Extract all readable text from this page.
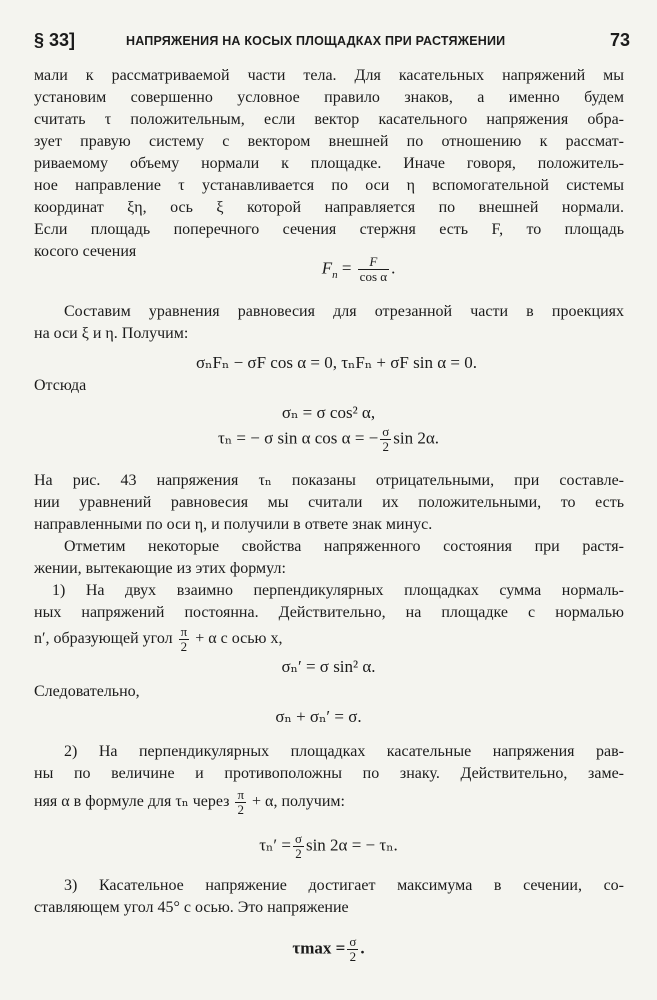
§ 33]	НАПРЯЖЕНИЯ НА КОСЫХ ПЛОЩАДКАХ ПРИ РАСТЯЖЕНИИ	73
мали к рассматриваемой части тела. Для касательных напряжений мы
установим совершенно условное правило знаков, а именно будем
считать τ положительным, если вектор касательного напряжения обра-
зует правую систему с вектором внешней по отношению к рассмат-
риваемому объему нормали к площадке. Иначе говоря, положитель-
ное направление τ устанавливается по оси η вспомогательной системы
координат ξη, ось ξ которой направляется по внешней нормали.
Если площадь поперечного сечения стержня есть F, то площадь
косого сечения
$F_n = \frac{F}{\text{cos α}}$ .
Составим уравнения равновесия для отрезанной части в проекциях
на оси ξ и η. Получим:
σₙFₙ − σF cos α = 0, τₙFₙ + σF sin α = 0.
Отсюда
σₙ = σ cos² α,
τₙ = − σ sin α cos α = − $\frac{\sigma}{2}$ sin 2α.
На рис. 43 напряжения τₙ показаны отрицательными, при составле-
нии уравнений равновесия мы считали их положительными, то есть
направленными по оси η, и получили в ответе знак минус.
Отметим некоторые свойства напряженного состояния при растя-
жении, вытекающие из этих формул:
1) На двух взаимно перпендикулярных площадках сумма нормаль-
ных напряжений постоянна. Действительно, на площадке с нормалью
n′, образующей угол $\frac{\pi}{2} + \alpha$ с осью x,
σₙ′ = σ sin² α.
Следовательно,
σₙ + σₙ′ = σ.
2) На перпендикулярных площадках касательные напряжения рав-
ны по величине и противоположны по знаку. Действительно, заме-
няя α в формуле для τₙ через $\frac{\pi}{2} + \alpha$, получим:
$\tau_n' = \frac{\sigma}{2}$ sin 2α = − τₙ.
3) Касательное напряжение достигает максимума в сечении, со-
ставляющем угол 45° с осью. Это напряжение
$\tau\max = \frac{\sigma}{2}$ .
